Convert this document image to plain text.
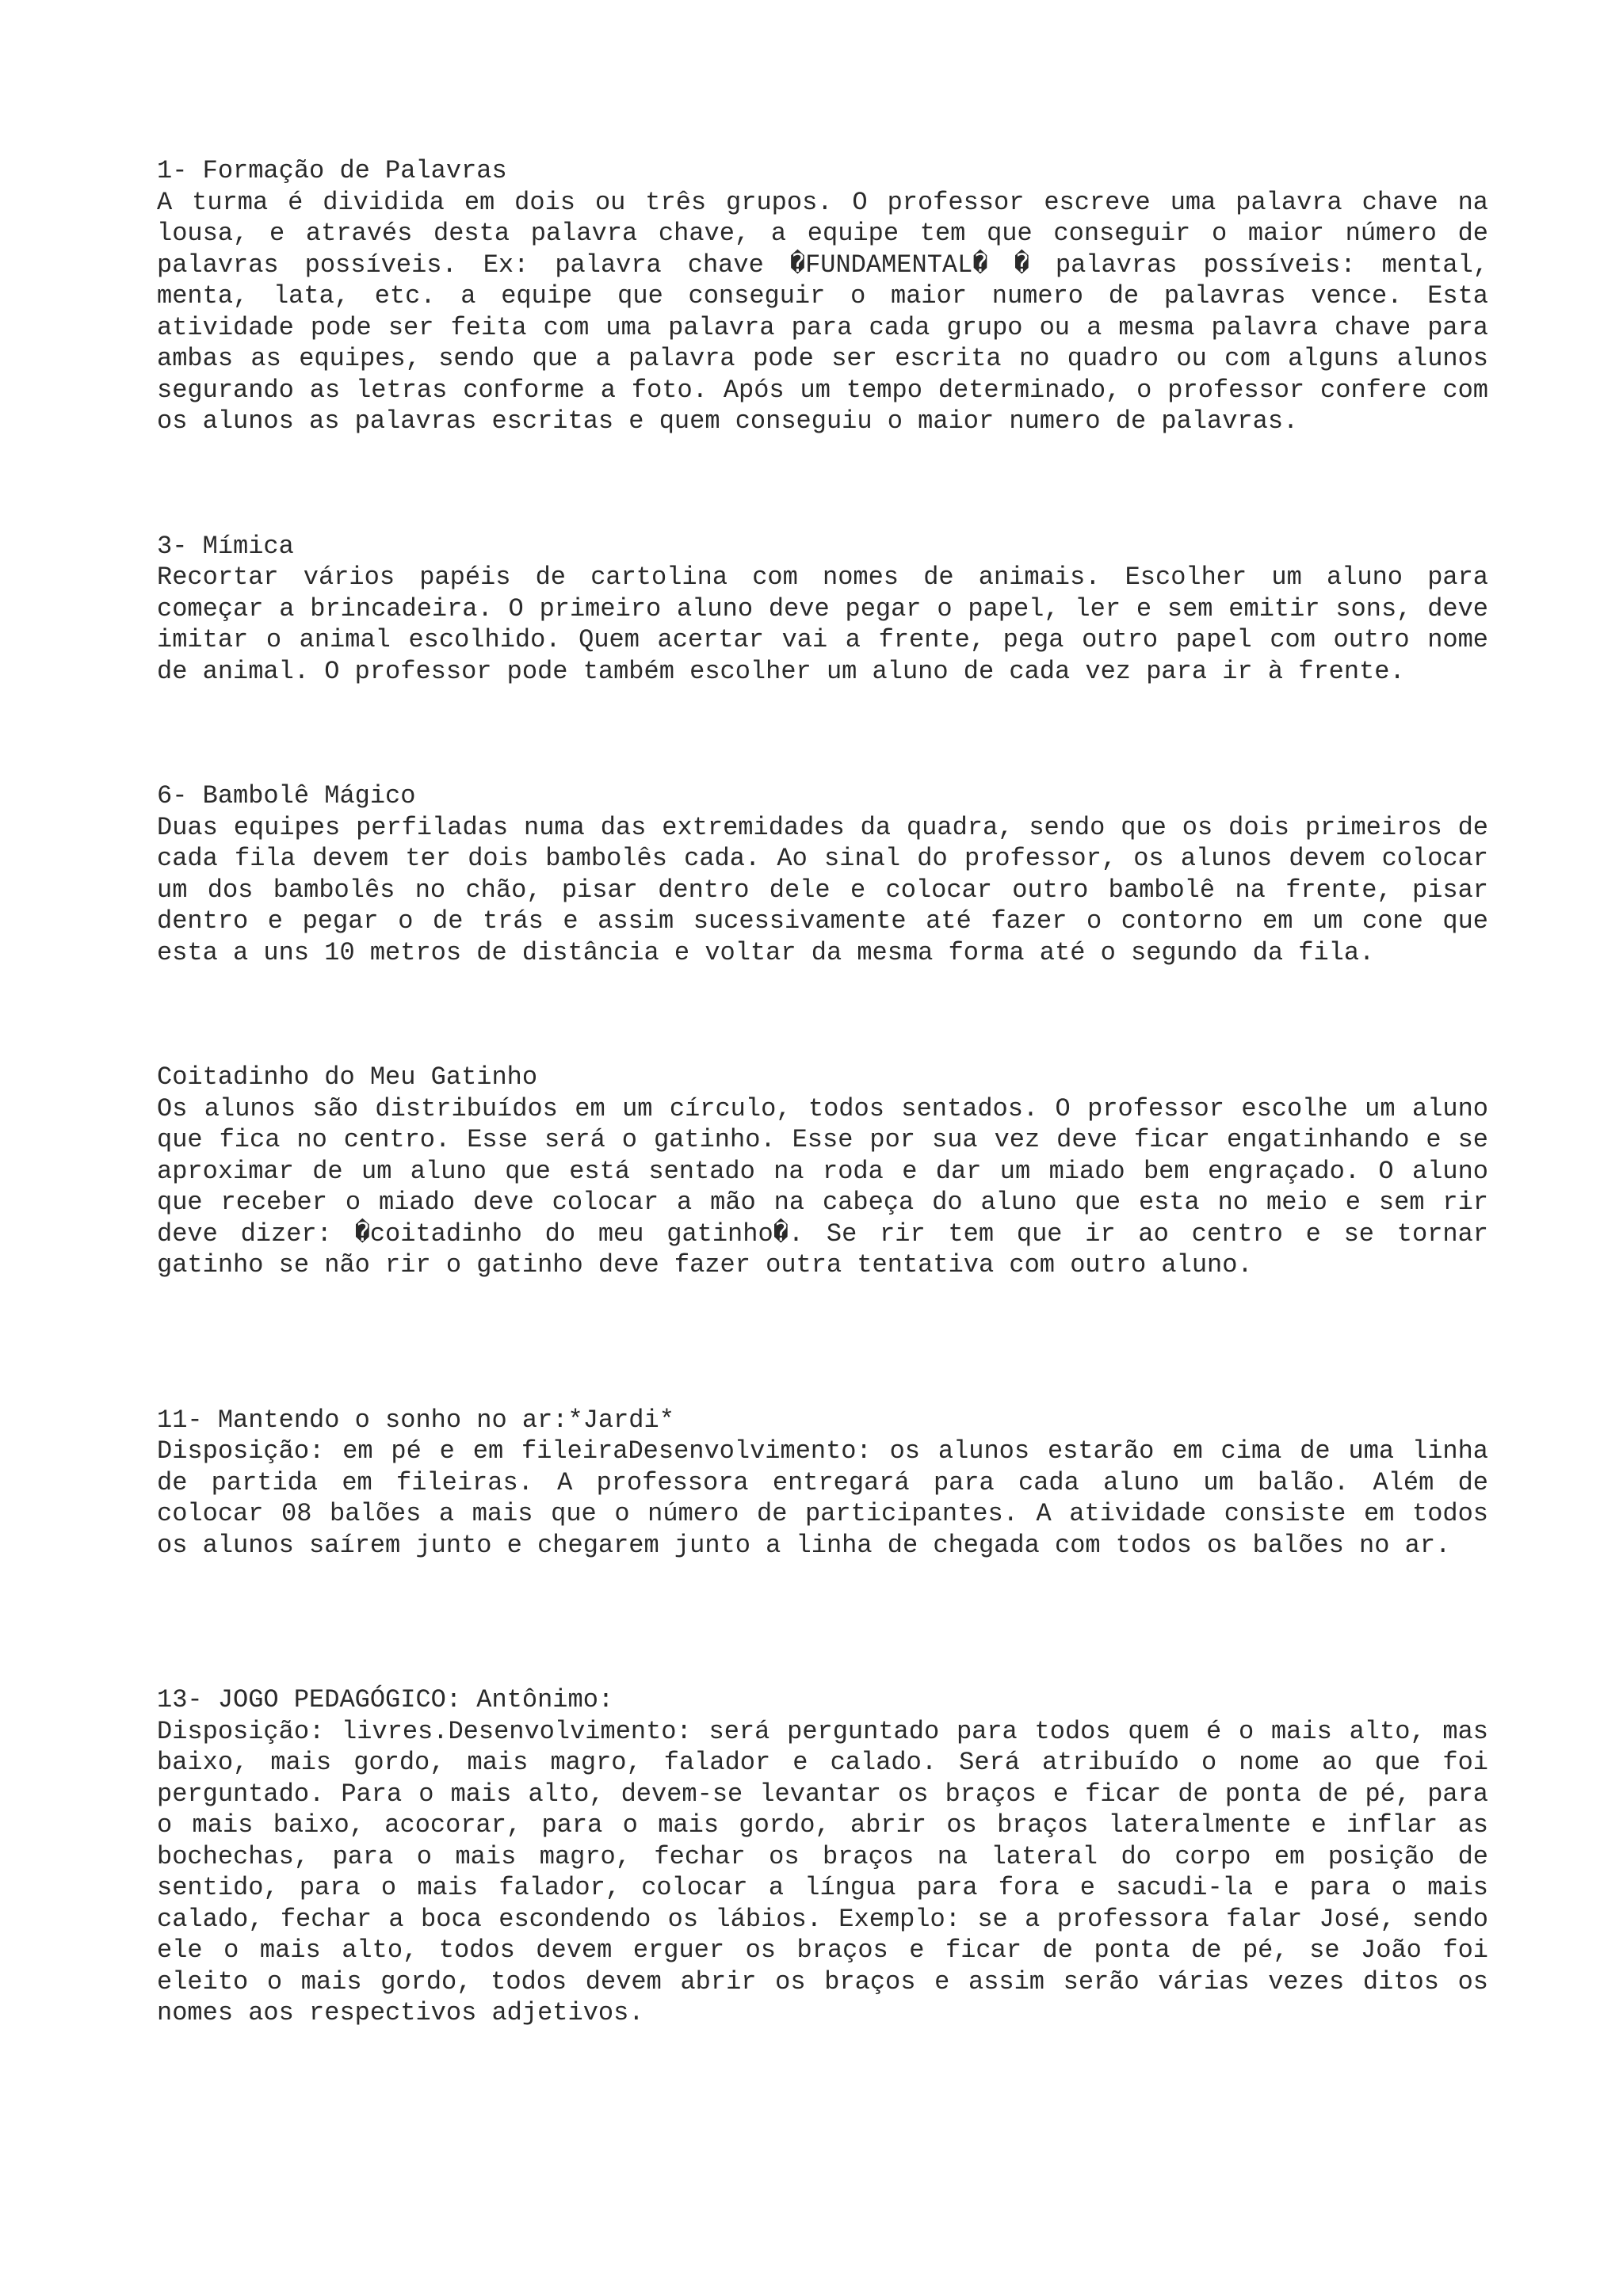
1- Formação de Palavras

A turma é dividida em dois ou três grupos. O professor escreve uma palavra chave na lousa, e através desta palavra chave, a equipe tem que conseguir o maior número de palavras possíveis. Ex: palavra chave �FUNDAMENTAL� � palavras possíveis: mental, menta, lata, etc. a equipe que conseguir o maior numero de palavras vence. Esta atividade pode ser feita com uma palavra para cada grupo ou a mesma palavra chave para ambas as equipes, sendo que a palavra pode ser escrita no quadro ou com alguns alunos segurando as letras conforme a foto. Após um tempo determinado, o professor confere com os alunos as palavras escritas e quem conseguiu o maior numero de palavras.

3- Mímica

Recortar vários papéis de cartolina com nomes de animais. Escolher um aluno para começar a brincadeira. O primeiro aluno deve pegar o papel, ler e sem emitir sons, deve imitar o animal escolhido. Quem acertar vai a frente, pega outro papel com outro nome de animal. O professor pode também escolher um aluno de cada vez para ir à frente.

6- Bambolê Mágico

Duas equipes perfiladas numa das extremidades da quadra, sendo que os dois primeiros de cada fila devem ter dois bambolês cada. Ao sinal do professor, os alunos devem colocar um dos bambolês no chão, pisar dentro dele e colocar outro bambolê na frente, pisar dentro e pegar o de trás e assim sucessivamente até fazer o contorno em um cone que esta a uns 10 metros de distância e voltar da mesma forma até o segundo da fila.

Coitadinho do Meu Gatinho

Os alunos são distribuídos em um círculo, todos sentados. O professor escolhe um aluno que fica no centro. Esse será o gatinho. Esse por sua vez deve ficar engatinhando e se aproximar de um aluno que está sentado na roda e dar um miado bem engraçado. O aluno que receber o miado deve colocar a mão na cabeça do aluno que esta no meio e sem rir deve dizer: �coitadinho do meu gatinho�. Se rir tem que ir ao centro e se tornar gatinho se não rir o gatinho deve fazer outra tentativa com outro aluno.

11- Mantendo o sonho no ar:*Jardi*

Disposição: em pé e em fileiraDesenvolvimento: os alunos estarão em cima de uma linha de partida em fileiras. A professora entregará para cada aluno um balão. Além de colocar 08 balões a mais que o número de participantes. A atividade consiste em todos os alunos saírem junto e chegarem junto a linha de chegada com todos os balões no ar.

13- JOGO PEDAGÓGICO: Antônimo:

Disposição: livres.Desenvolvimento: será perguntado para todos quem é o mais alto, mas baixo, mais gordo, mais magro, falador e calado. Será atribuído o nome ao que foi perguntado. Para o mais alto, devem-se levantar os braços e ficar de ponta de pé, para o mais baixo, acocorar, para o mais gordo, abrir os braços lateralmente e inflar as bochechas, para o mais magro, fechar os braços na lateral do corpo em posição de sentido, para o mais falador, colocar a língua para fora e sacudi-la e para o mais calado, fechar a boca escondendo os lábios. Exemplo: se a professora falar José, sendo ele o mais alto, todos devem erguer os braços e ficar de ponta de pé, se João foi eleito o mais gordo, todos devem abrir os braços e assim serão várias vezes ditos os nomes aos respectivos adjetivos.
